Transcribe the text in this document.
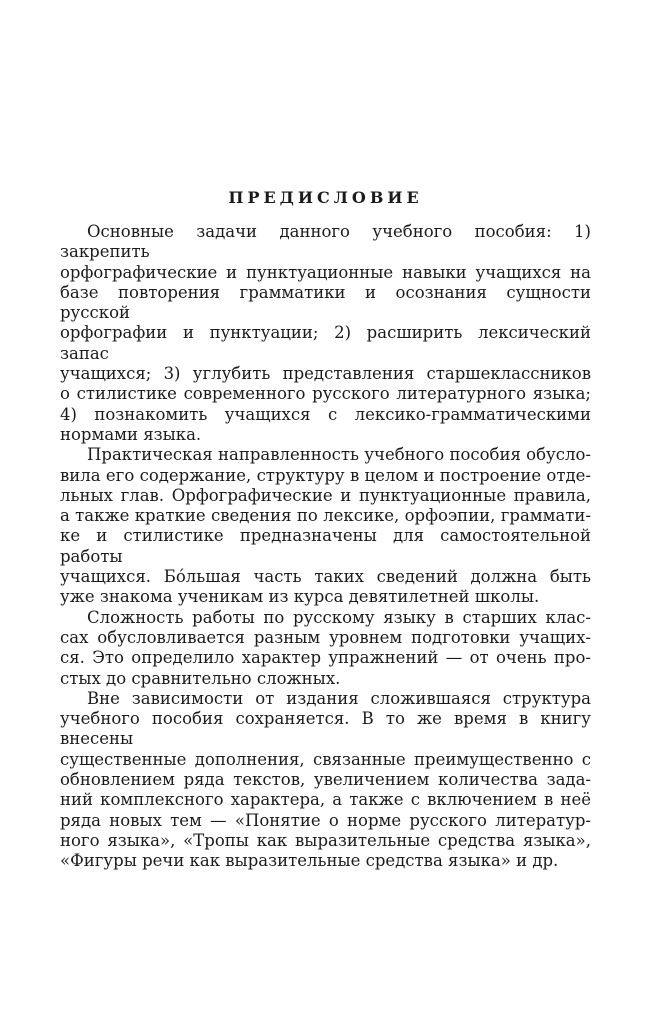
ПРЕДИСЛОВИЕ
Основные задачи данного учебного пособия: 1) закрепить
орфографические и пунктуационные навыки учащихся на
базе повторения грамматики и осознания сущности русской
орфографии и пунктуации; 2) расширить лексический запас
учащихся; 3) углубить представления старшеклассников
о стилистике современного русского литературного языка;
4) познакомить учащихся с лексико-грамматическими
нормами языка.
Практическая направленность учебного пособия обусло-
вила его содержание, структуру в целом и построение отде-
льных глав. Орфографические и пунктуационные правила,
а также краткие сведения по лексике, орфоэпии, граммати-
ке и стилистике предназначены для самостоятельной работы
учащихся. Бо́льшая часть таких сведений должна быть
уже знакома ученикам из курса девятилетней школы.
Сложность работы по русскому языку в старших клас-
сах обусловливается разным уровнем подготовки учащих-
ся. Это определило характер упражнений — от очень про-
стых до сравнительно сложных.
Вне зависимости от издания сложившаяся структура
учебного пособия сохраняется. В то же время в книгу внесены
существенные дополнения, связанные преимущественно с
обновлением ряда текстов, увеличением количества зада-
ний комплексного характера, а также с включением в неё
ряда новых тем — «Понятие о норме русского литератур-
ного языка», «Тропы как выразительные средства языка»,
«Фигуры речи как выразительные средства языка» и др.
